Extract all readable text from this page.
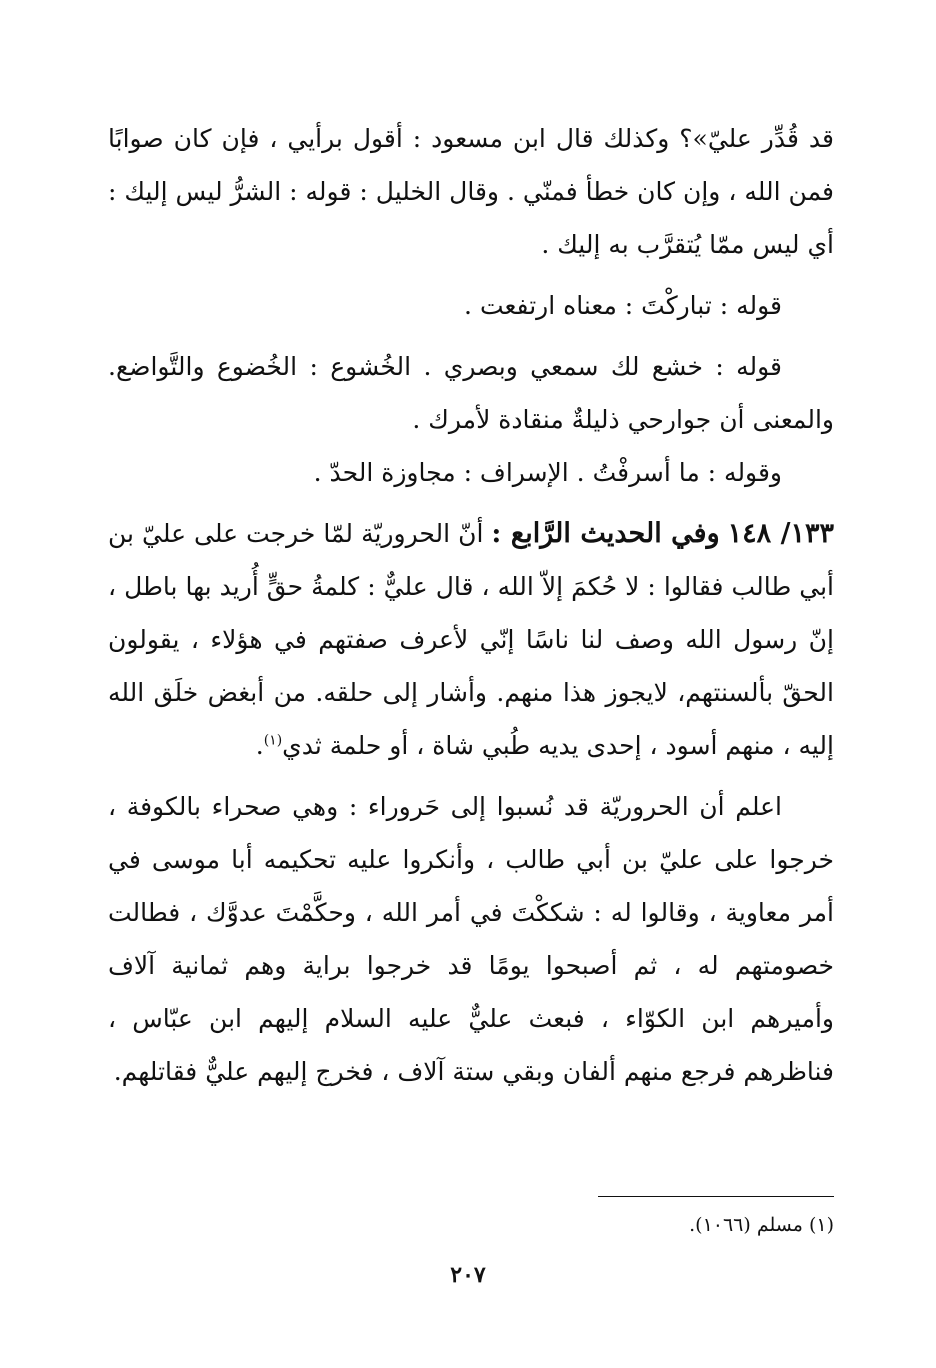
قد قُدِّر عليّ»؟ وكذلك قال ابن مسعود : أقول برأيي ، فإن كان صوابًا فمن الله ، وإن كان خطأ فمنّي . وقال الخليل : قوله : الشرُّ ليس إليك : أي ليس ممّا يُتقرَّب به إليك .

قوله : تباركْتَ : معناه ارتفعت .

قوله : خشع لك سمعي وبصري . الخُشوع : الخُضوع والتَّواضع. والمعنى أن جوارحي ذليلةٌ منقادة لأمرك .

وقوله : ما أسرفْتُ . الإسراف : مجاوزة الحدّ .

١٣٣/ ١٤٨ وفي الحديث الرَّابع : أنّ الحروريّة لمّا خرجت على عليّ بن أبي طالب فقالوا : لا حُكمَ إلاّ الله ، قال عليٌّ : كلمةُ حقٍّ أُريد بها باطل ، إنّ رسول الله وصف لنا ناسًا إنّي لأعرف صفتهم في هؤلاء ، يقولون الحقّ بألسنتهم، لايجوز هذا منهم. وأشار إلى حلقه. من أبغض خلَق الله إليه ، منهم أسود ، إحدى يديه طُبي شاة ، أو حلمة ثدي$^{(١)}$.

اعلم أن الحروريّة قد نُسبوا إلى حَروراء : وهي صحراء بالكوفة ، خرجوا على عليّ بن أبي طالب ، وأنكروا عليه تحكيمه أبا موسى في أمر معاوية ، وقالوا له : شككْتَ في أمر الله ، وحكَّمْتَ عدوَّك ، فطالت خصومتهم له ، ثم أصبحوا يومًا قد خرجوا براية وهم ثمانية آلاف وأميرهم ابن الكوّاء ، فبعث عليٌّ عليه السلام إليهم ابن عبّاس ، فناظرهم فرجع منهم ألفان وبقي ستة آلاف ، فخرج إليهم عليٌّ فقاتلهم.

(١) مسلم (١٠٦٦).
٢٠٧
